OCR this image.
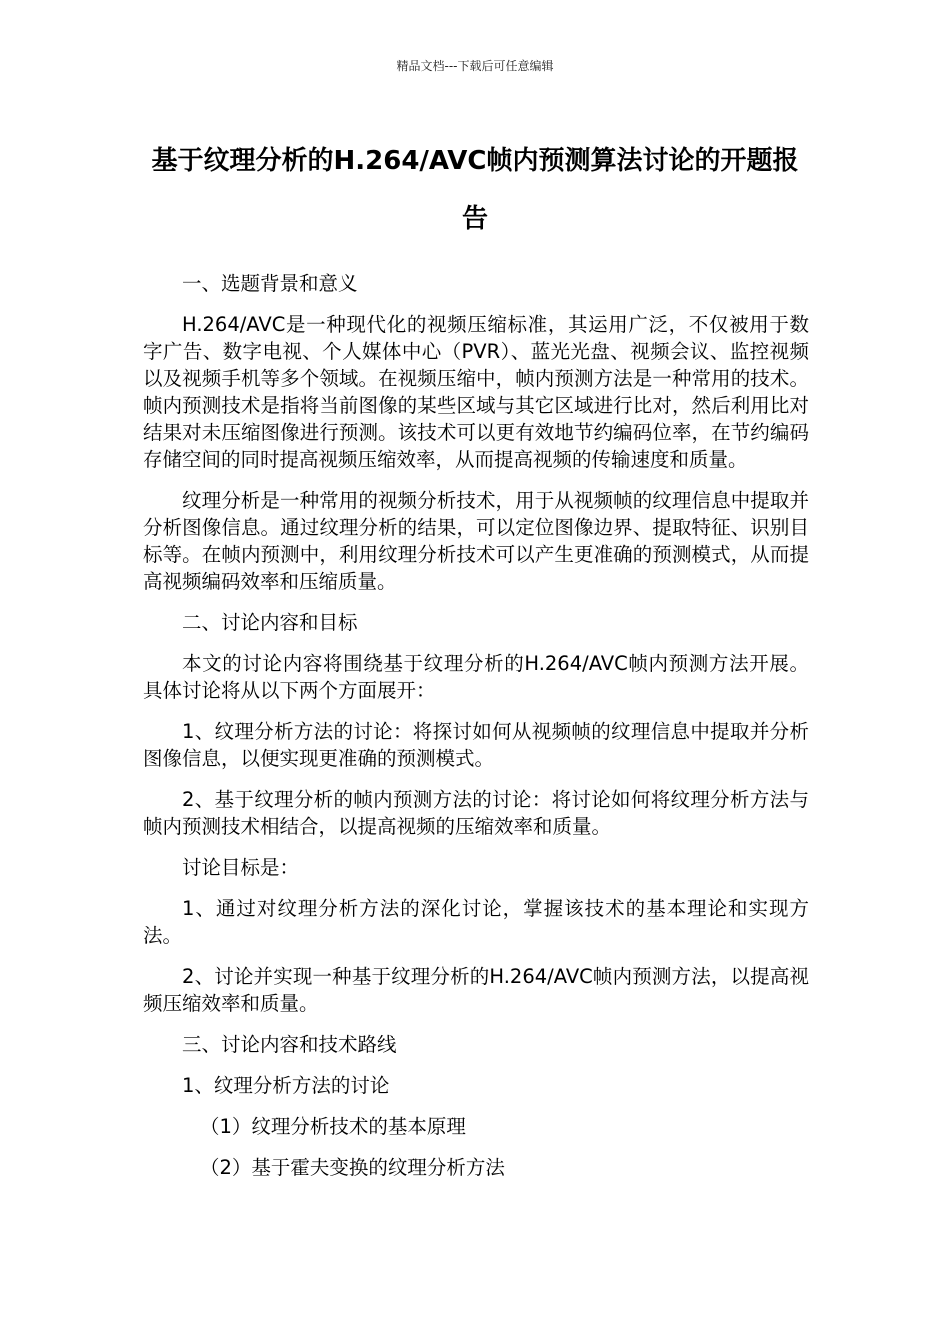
精品文档---下载后可任意编辑
基于纹理分析的H.264/AVC帧内预测算法讨论的开题报告

一、选题背景和意义

H.264/AVC是一种现代化的视频压缩标准，其运用广泛，不仅被用于数字广告、数字电视、个人媒体中心（PVR）、蓝光光盘、视频会议、监控视频以及视频手机等多个领域。在视频压缩中，帧内预测方法是一种常用的技术。帧内预测技术是指将当前图像的某些区域与其它区域进行比对，然后利用比对结果对未压缩图像进行预测。该技术可以更有效地节约编码位率，在节约编码存储空间的同时提高视频压缩效率，从而提高视频的传输速度和质量。

纹理分析是一种常用的视频分析技术，用于从视频帧的纹理信息中提取并分析图像信息。通过纹理分析的结果，可以定位图像边界、提取特征、识别目标等。在帧内预测中，利用纹理分析技术可以产生更准确的预测模式，从而提高视频编码效率和压缩质量。

二、讨论内容和目标

本文的讨论内容将围绕基于纹理分析的H.264/AVC帧内预测方法开展。具体讨论将从以下两个方面展开：

1、纹理分析方法的讨论：将探讨如何从视频帧的纹理信息中提取并分析图像信息，以便实现更准确的预测模式。

2、基于纹理分析的帧内预测方法的讨论：将讨论如何将纹理分析方法与帧内预测技术相结合，以提高视频的压缩效率和质量。

讨论目标是：

1、通过对纹理分析方法的深化讨论，掌握该技术的基本理论和实现方法。

2、讨论并实现一种基于纹理分析的H.264/AVC帧内预测方法，以提高视频压缩效率和质量。

三、讨论内容和技术路线

1、纹理分析方法的讨论

（1）纹理分析技术的基本原理

（2）基于霍夫变换的纹理分析方法
